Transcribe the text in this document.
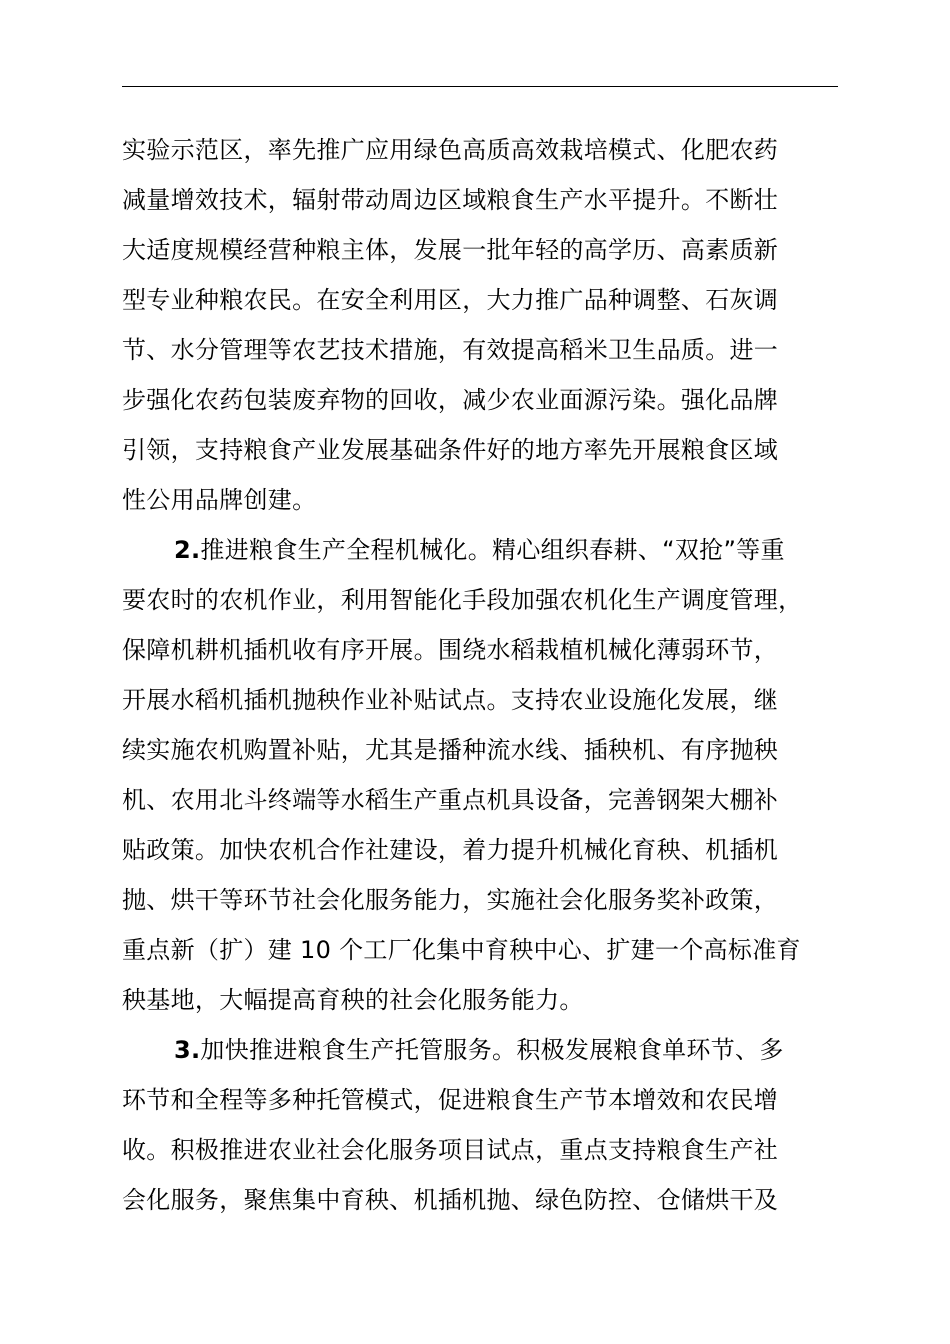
实验示范区，率先推广应用绿色高质高效栽培模式、化肥农药

减量增效技术，辐射带动周边区域粮食生产水平提升。不断壮

大适度规模经营种粮主体，发展一批年轻的高学历、高素质新

型专业种粮农民。在安全利用区，大力推广品种调整、石灰调

节、水分管理等农艺技术措施，有效提高稻米卫生品质。进一

步强化农药包装废弃物的回收，减少农业面源污染。强化品牌

引领，支持粮食产业发展基础条件好的地方率先开展粮食区域

性公用品牌创建。

2.推进粮食生产全程机械化。精心组织春耕、“双抢”等重

要农时的农机作业，利用智能化手段加强农机化生产调度管理，

保障机耕机插机收有序开展。围绕水稻栽植机械化薄弱环节，

开展水稻机插机抛秧作业补贴试点。支持农业设施化发展，继

续实施农机购置补贴，尤其是播种流水线、插秧机、有序抛秧

机、农用北斗终端等水稻生产重点机具设备，完善钢架大棚补

贴政策。加快农机合作社建设，着力提升机械化育秧、机插机

抛、烘干等环节社会化服务能力，实施社会化服务奖补政策，

重点新（扩）建 10 个工厂化集中育秧中心、扩建一个高标准育

秧基地，大幅提高育秧的社会化服务能力。

3.加快推进粮食生产托管服务。积极发展粮食单环节、多

环节和全程等多种托管模式，促进粮食生产节本增效和农民增

收。积极推进农业社会化服务项目试点，重点支持粮食生产社

会化服务，聚焦集中育秧、机插机抛、绿色防控、仓储烘干及
